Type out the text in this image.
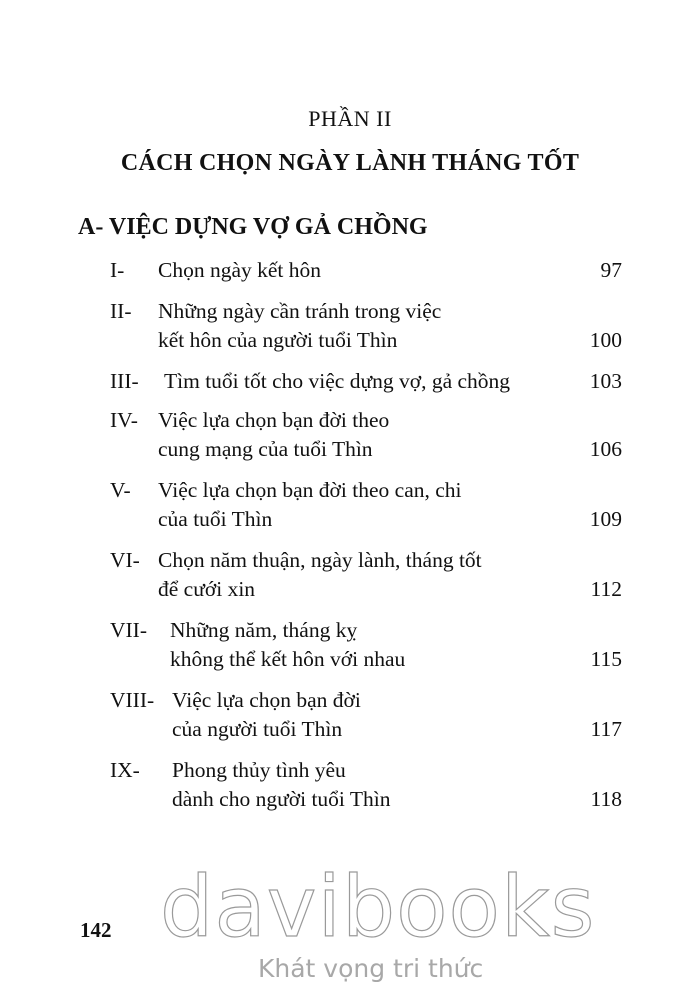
PHẦN II
CÁCH CHỌN NGÀY LÀNH THÁNG TỐT
A- VIỆC DỰNG VỢ GẢ CHỒNG
I- Chọn ngày kết hôn	97
II- Những ngày cần tránh trong việc
kết hôn của người tuổi Thìn	100
III- Tìm tuổi tốt cho việc dựng vợ, gả chồng	103
IV- Việc lựa chọn bạn đời theo
cung mạng của tuổi Thìn	106
V- Việc lựa chọn bạn đời theo can, chi
của tuổi Thìn	109
VI- Chọn năm thuận, ngày lành, tháng tốt
để cưới xin	112
VII- Những năm, tháng kỵ
không thể kết hôn với nhau	115
VIII- Việc lựa chọn bạn đời
của người tuổi Thìn	117
IX- Phong thủy tình yêu
dành cho người tuổi Thìn	118
142 davibooks
Khát vọng tri thức
